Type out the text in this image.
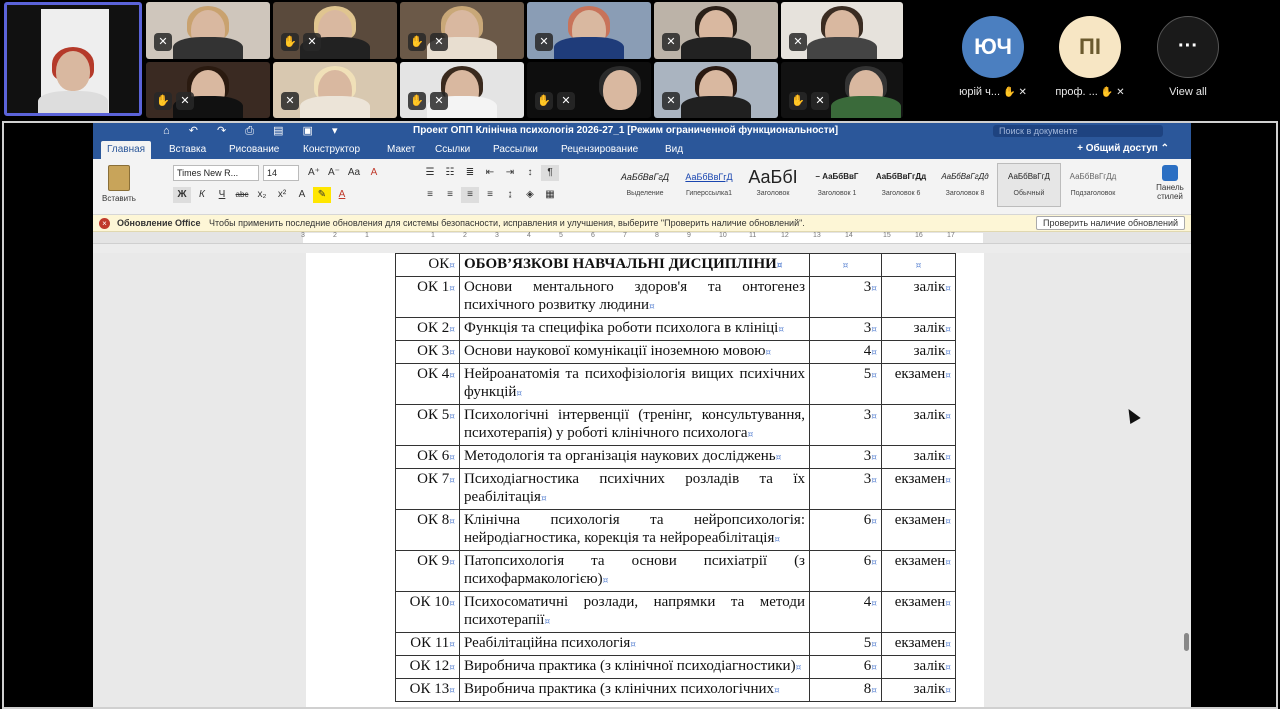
✕	✋ ✕	✋ ✕	✕	✕	✕
✋ ✕	✕	✋ ✕	✋ ✕	✕	✋ ✕
ЮЧ
юрій ч... ✋ ✕
ПІ
проф. ... ✋ ✕
···
View all
⌂ ↶ ↷ ⎙ ▤ ▣ ▾	Проект ОПП Клінічна психологія 2026-27_1 [Режим ограниченной функциональности]	Поиск в документе
Главная	Вставка	Рисование	Конструктор	Макет	Ссылки	Рассылки	Рецензирование	Вид	+ Общий доступ ⌃
Вставить
Times New R...	14	A⁺ A⁻ Aa A
Ж К Ч abc x₂ x² A ✎ A
☰ ☷ ≣ ⇤ ⇥ ↕ ¶
≡ ≡ ≡ ≡ ↨ ◈ ▦
АаБбВвГгД
Выделение
АаБбВвГгД
Гиперссылка1
АаБбI
Заголовок
– АаБбВвГ
Заголовок 1
АаБбВвГгДд
Заголовок 6
АаБбВвГгДд
Заголовок 8
АаБбВвГгД
Обычный
АаБбВвГгДд
Подзаголовок
Панель стилей
×	Обновление Office Чтобы применить последние обновления для системы безопасности, исправления и улучшения, выберите "Проверить наличие обновлений".	Проверить наличие обновлений
3	2	1	1	2	3	4	5	6	7	8	9	10	11	12	13	14	15	16	17
ОК¤	ОБОВ’ЯЗКОВІ НАВЧАЛЬНІ ДИСЦИПЛІНИ¤	¤	¤
ОК 1¤	Основи ментального здоров'я та онтогенез психічного розвитку людини¤	3¤	залік¤
ОК 2¤	Функція та специфіка роботи психолога в клініці¤	3¤	залік¤
ОК 3¤	Основи наукової комунікації іноземною мовою¤	4¤	залік¤
ОК 4¤	Нейроанатомія та психофізіологія вищих психічних функцій¤	5¤	екзамен¤
ОК 5¤	Психологічні інтервенції (тренінг, консультування, психотерапія) у роботі клінічного психолога¤	3¤	залік¤
ОК 6¤	Методологія та організація наукових досліджень¤	3¤	залік¤
ОК 7¤	Психодіагностика психічних розладів та їх реабілітація¤	3¤	екзамен¤
ОК 8¤	Клінічна психологія та нейропсихологія: нейродіагностика, корекція та нейрореабілітація¤	6¤	екзамен¤
ОК 9¤	Патопсихологія та основи психіатрії (з психофармакологією)¤	6¤	екзамен¤
ОК 10¤	Психосоматичні розлади, напрямки та методи психотерапії¤	4¤	екзамен¤
ОК 11¤	Реабілітаційна психологія¤	5¤	екзамен¤
ОК 12¤	Виробнича практика (з клінічної психодіагностики)¤	6¤	залік¤
ОК 13¤	Виробнича практика (з клінічних психологічних¤	8¤	залік¤
